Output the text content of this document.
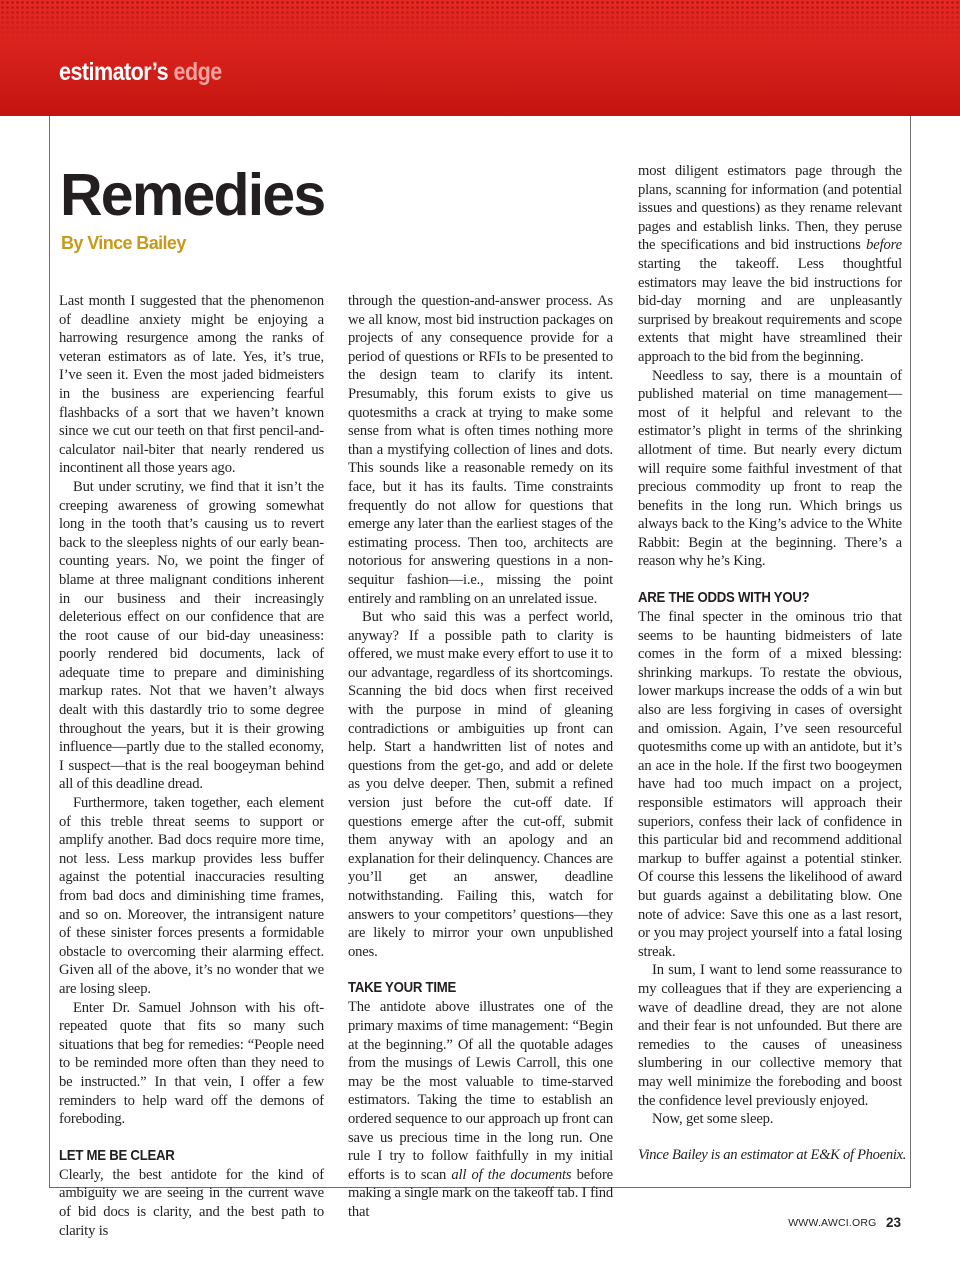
estimator’s edge
Remedies
By Vince Bailey

Last month I suggested that the phenomenon of deadline anxiety might be enjoying a harrowing resurgence among the ranks of veteran estimators as of late. Yes, it’s true, I’ve seen it. Even the most jaded bidmeisters in the business are experiencing fearful flashbacks of a sort that we haven’t known since we cut our teeth on that first pencil-and-calculator nail-biter that nearly rendered us incontinent all those years ago.

But under scrutiny, we find that it isn’t the creeping awareness of growing somewhat long in the tooth that’s causing us to revert back to the sleepless nights of our early bean-counting years. No, we point the finger of blame at three malignant conditions inherent in our business and their increasingly deleterious effect on our confidence that are the root cause of our bid-day uneasiness: poorly rendered bid documents, lack of adequate time to prepare and diminishing markup rates. Not that we haven’t always dealt with this dastardly trio to some degree throughout the years, but it is their growing influence—partly due to the stalled economy, I suspect—that is the real boogeyman behind all of this deadline dread.

Furthermore, taken together, each element of this treble threat seems to support or amplify another. Bad docs require more time, not less. Less markup provides less buffer against the potential inaccuracies resulting from bad docs and diminishing time frames, and so on. Moreover, the intransigent nature of these sinister forces presents a formidable obstacle to overcoming their alarming effect. Given all of the above, it’s no wonder that we are losing sleep.

Enter Dr. Samuel Johnson with his oft-repeated quote that fits so many such situations that beg for remedies: “People need to be reminded more often than they need to be instructed.” In that vein, I offer a few reminders to help ward off the demons of foreboding.

LET ME BE CLEAR

Clearly, the best antidote for the kind of ambiguity we are seeing in the current wave of bid docs is clarity, and the best path to clarity is

through the question-and-answer process. As we all know, most bid instruction packages on projects of any consequence provide for a period of questions or RFIs to be presented to the design team to clarify its intent. Presumably, this forum exists to give us quotesmiths a crack at trying to make some sense from what is often times nothing more than a mystifying collection of lines and dots. This sounds like a reasonable remedy on its face, but it has its faults. Time constraints frequently do not allow for questions that emerge any later than the earliest stages of the estimating process. Then too, architects are notorious for answering questions in a non-sequitur fashion—i.e., missing the point entirely and rambling on an unrelated issue.

But who said this was a perfect world, anyway? If a possible path to clarity is offered, we must make every effort to use it to our advantage, regardless of its shortcomings. Scanning the bid docs when first received with the purpose in mind of gleaning contradictions or ambiguities up front can help. Start a handwritten list of notes and questions from the get-go, and add or delete as you delve deeper. Then, submit a refined version just before the cut-off date. If questions emerge after the cut-off, submit them anyway with an apology and an explanation for their delinquency. Chances are you’ll get an answer, deadline notwithstanding. Failing this, watch for answers to your competitors’ questions—they are likely to mirror your own unpublished ones.

TAKE YOUR TIME

The antidote above illustrates one of the primary maxims of time management: “Begin at the beginning.” Of all the quotable adages from the musings of Lewis Carroll, this one may be the most valuable to time-starved estimators. Taking the time to establish an ordered sequence to our approach up front can save us precious time in the long run. One rule I try to follow faithfully in my initial efforts is to scan all of the documents before making a single mark on the takeoff tab. I find that

most diligent estimators page through the plans, scanning for information (and potential issues and questions) as they rename relevant pages and establish links. Then, they peruse the specifications and bid instructions before starting the takeoff. Less thoughtful estimators may leave the bid instructions for bid-day morning and are unpleasantly surprised by breakout requirements and scope extents that might have streamlined their approach to the bid from the beginning.

Needless to say, there is a mountain of published material on time management—most of it helpful and relevant to the estimator’s plight in terms of the shrinking allotment of time. But nearly every dictum will require some faithful investment of that precious commodity up front to reap the benefits in the long run. Which brings us always back to the King’s advice to the White Rabbit: Begin at the beginning. There’s a reason why he’s King.

ARE THE ODDS WITH YOU?

The final specter in the ominous trio that seems to be haunting bidmeisters of late comes in the form of a mixed blessing: shrinking markups. To restate the obvious, lower markups increase the odds of a win but also are less forgiving in cases of oversight and omission. Again, I’ve seen resourceful quotesmiths come up with an antidote, but it’s an ace in the hole. If the first two boogeymen have had too much impact on a project, responsible estimators will approach their superiors, confess their lack of confidence in this particular bid and recommend additional markup to buffer against a potential stinker. Of course this lessens the likelihood of award but guards against a debilitating blow. One note of advice: Save this one as a last resort, or you may project yourself into a fatal losing streak.

In sum, I want to lend some reassurance to my colleagues that if they are experiencing a wave of deadline dread, they are not alone and their fear is not unfounded. But there are remedies to the causes of uneasiness slumbering in our collective memory that may well minimize the foreboding and boost the confidence level previously enjoyed.

Now, get some sleep.

Vince Bailey is an estimator at E&K of Phoenix.

WWW.AWCI.ORG 23
